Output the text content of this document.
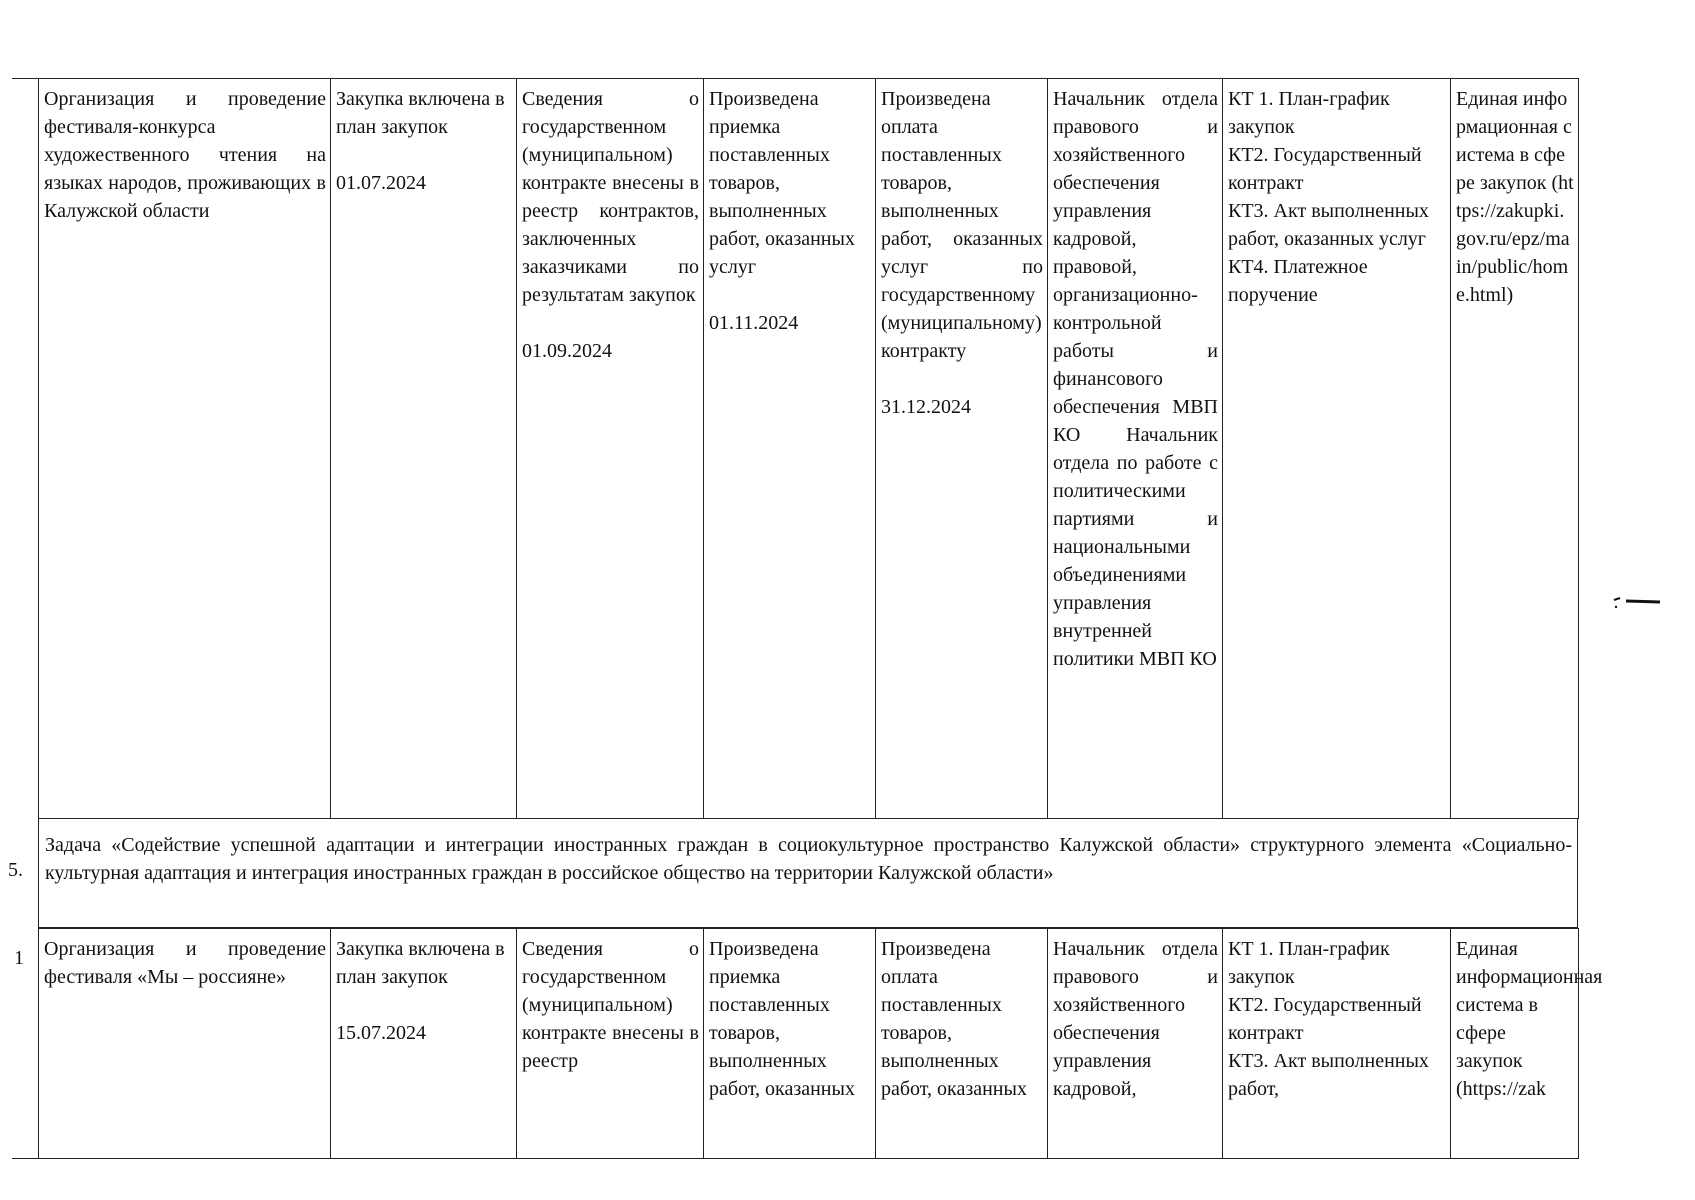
Организация и проведение фестиваля-конкурса художественного чтения на языках народов, проживающих в Калужской области	Закупка включена в план закупок
01.07.2024
	Сведения о государственном (муниципальном) контракте внесены в реестр контрактов, заключенных заказчиками по результатам закупок
01.09.2024
	Произведена приемка поставленных товаров, выполненных работ, оказанных услуг
01.11.2024
	Произведена оплата поставленных товаров, выполненных работ, оказанных услуг по государственному (муниципальному) контракту
31.12.2024
	Начальник отдела правового и хозяйственного обеспечения управления кадровой, правовой, организационно-контрольной работы и финансового обеспечения МВП КО Начальник отдела по работе с политическими партиями и национальными объединениями управления внутренней политики МВП КО	КТ 1. План-график закупок
КТ2. Государственный контракт
КТ3. Акт выполненных работ, оказанных услуг
КТ4. Платежное поручение	Единая информационная система в сфере закупок (https://zakupki.gov.ru/epz/main/public/home.html)
5.
Задача «Содействие успешной адаптации и интеграции иностранных граждан в социокультурное пространство Калужской области» структурного элемента «Социально-культурная адаптация и интеграция иностранных граждан в российское общество на территории Калужской области»
1 Организация и проведение фестиваля «Мы – россияне»	Закупка включена в план закупок
15.07.2024
	Сведения о государственном (муниципальном) контракте внесены в реестр	Произведена приемка поставленных товаров, выполненных работ, оказанных	Произведена оплата поставленных товаров, выполненных работ, оказанных	Начальник отдела правового и хозяйственного обеспечения управления кадровой,	КТ 1. План-график закупок
КТ2. Государственный контракт
КТ3. Акт выполненных работ,	Единая информационная система в сфере закупок (https://zak
